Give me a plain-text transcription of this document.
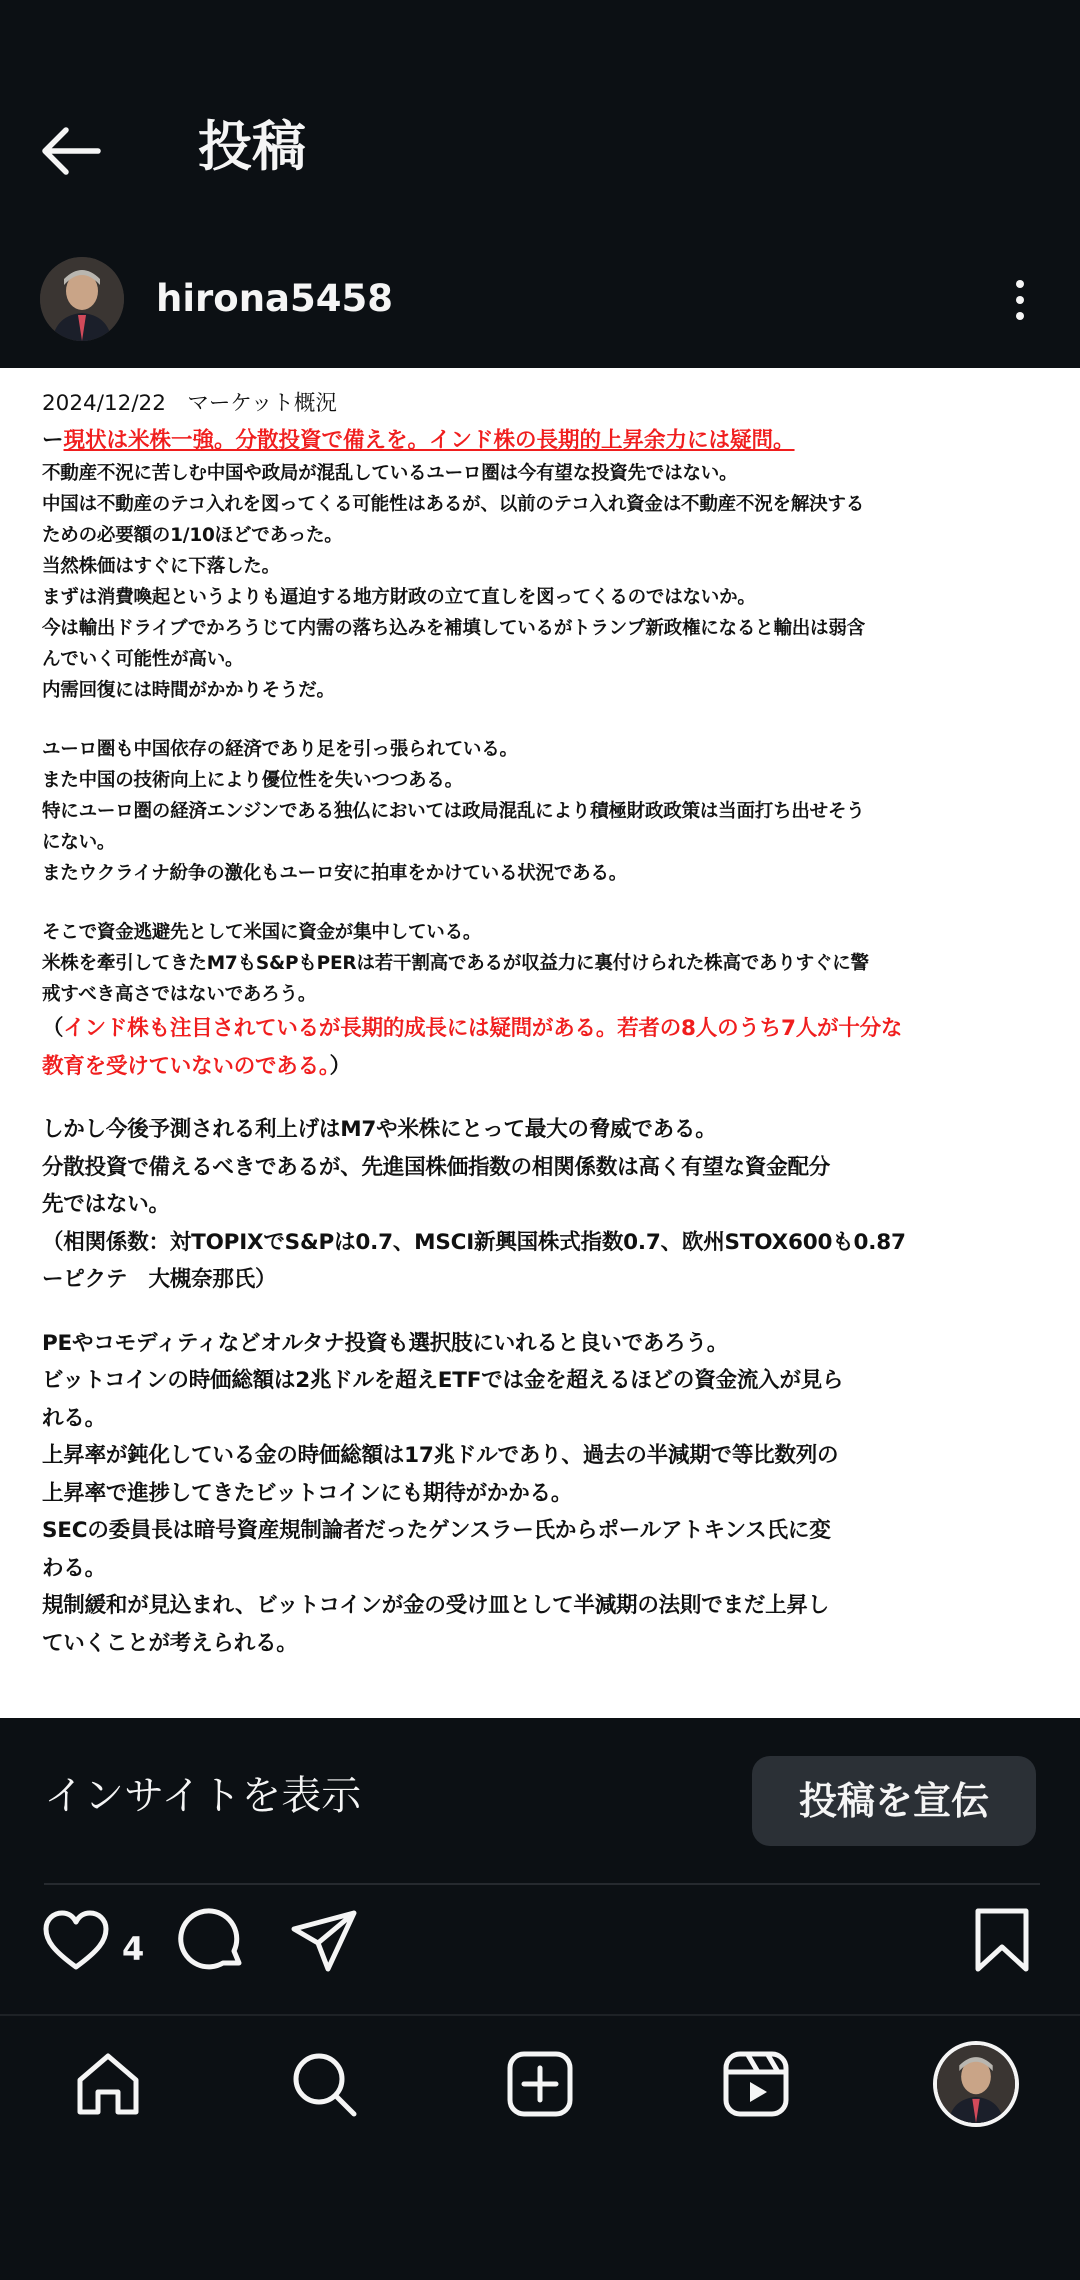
投稿
hirona5458
2024/12/22　マーケット概況
ー現状は米株一強。分散投資で備えを。インド株の長期的上昇余力には疑問。
不動産不況に苦しむ中国や政局が混乱しているユーロ圏は今有望な投資先ではない。
中国は不動産のテコ入れを図ってくる可能性はあるが、以前のテコ入れ資金は不動産不況を解決する
ための必要額の1/10ほどであった。
当然株価はすぐに下落した。
まずは消費喚起というよりも逼迫する地方財政の立て直しを図ってくるのではないか。
今は輸出ドライブでかろうじて内需の落ち込みを補填しているがトランプ新政権になると輸出は弱含
んでいく可能性が高い。
内需回復には時間がかかりそうだ。
ユーロ圏も中国依存の経済であり足を引っ張られている。
また中国の技術向上により優位性を失いつつある。
特にユーロ圏の経済エンジンである独仏においては政局混乱により積極財政政策は当面打ち出せそう
にない。
またウクライナ紛争の激化もユーロ安に拍車をかけている状況である。
そこで資金逃避先として米国に資金が集中している。
米株を牽引してきたM7もS&PもPERは若干割高であるが収益力に裏付けられた株高でありすぐに警
戒すべき高さではないであろう。
（インド株も注目されているが長期的成長には疑問がある。若者の8人のうち7人が十分な
教育を受けていないのである。）
しかし今後予測される利上げはM7や米株にとって最大の脅威である。
分散投資で備えるべきであるが、先進国株価指数の相関係数は高く有望な資金配分
先ではない。
（相関係数：対TOPIXでS&Pは0.7、MSCI新興国株式指数0.7、欧州STOX600も0.87
ーピクテ　大槻奈那氏）
PEやコモディティなどオルタナ投資も選択肢にいれると良いであろう。
ビットコインの時価総額は2兆ドルを超えETFでは金を超えるほどの資金流入が見ら
れる。
上昇率が鈍化している金の時価総額は17兆ドルであり、過去の半減期で等比数列の
上昇率で進捗してきたビットコインにも期待がかかる。
SECの委員長は暗号資産規制論者だったゲンスラー氏からポールアトキンス氏に変
わる。
規制緩和が見込まれ、ビットコインが金の受け皿として半減期の法則でまだ上昇し
ていくことが考えられる。
インサイトを表示	投稿を宣伝
4
